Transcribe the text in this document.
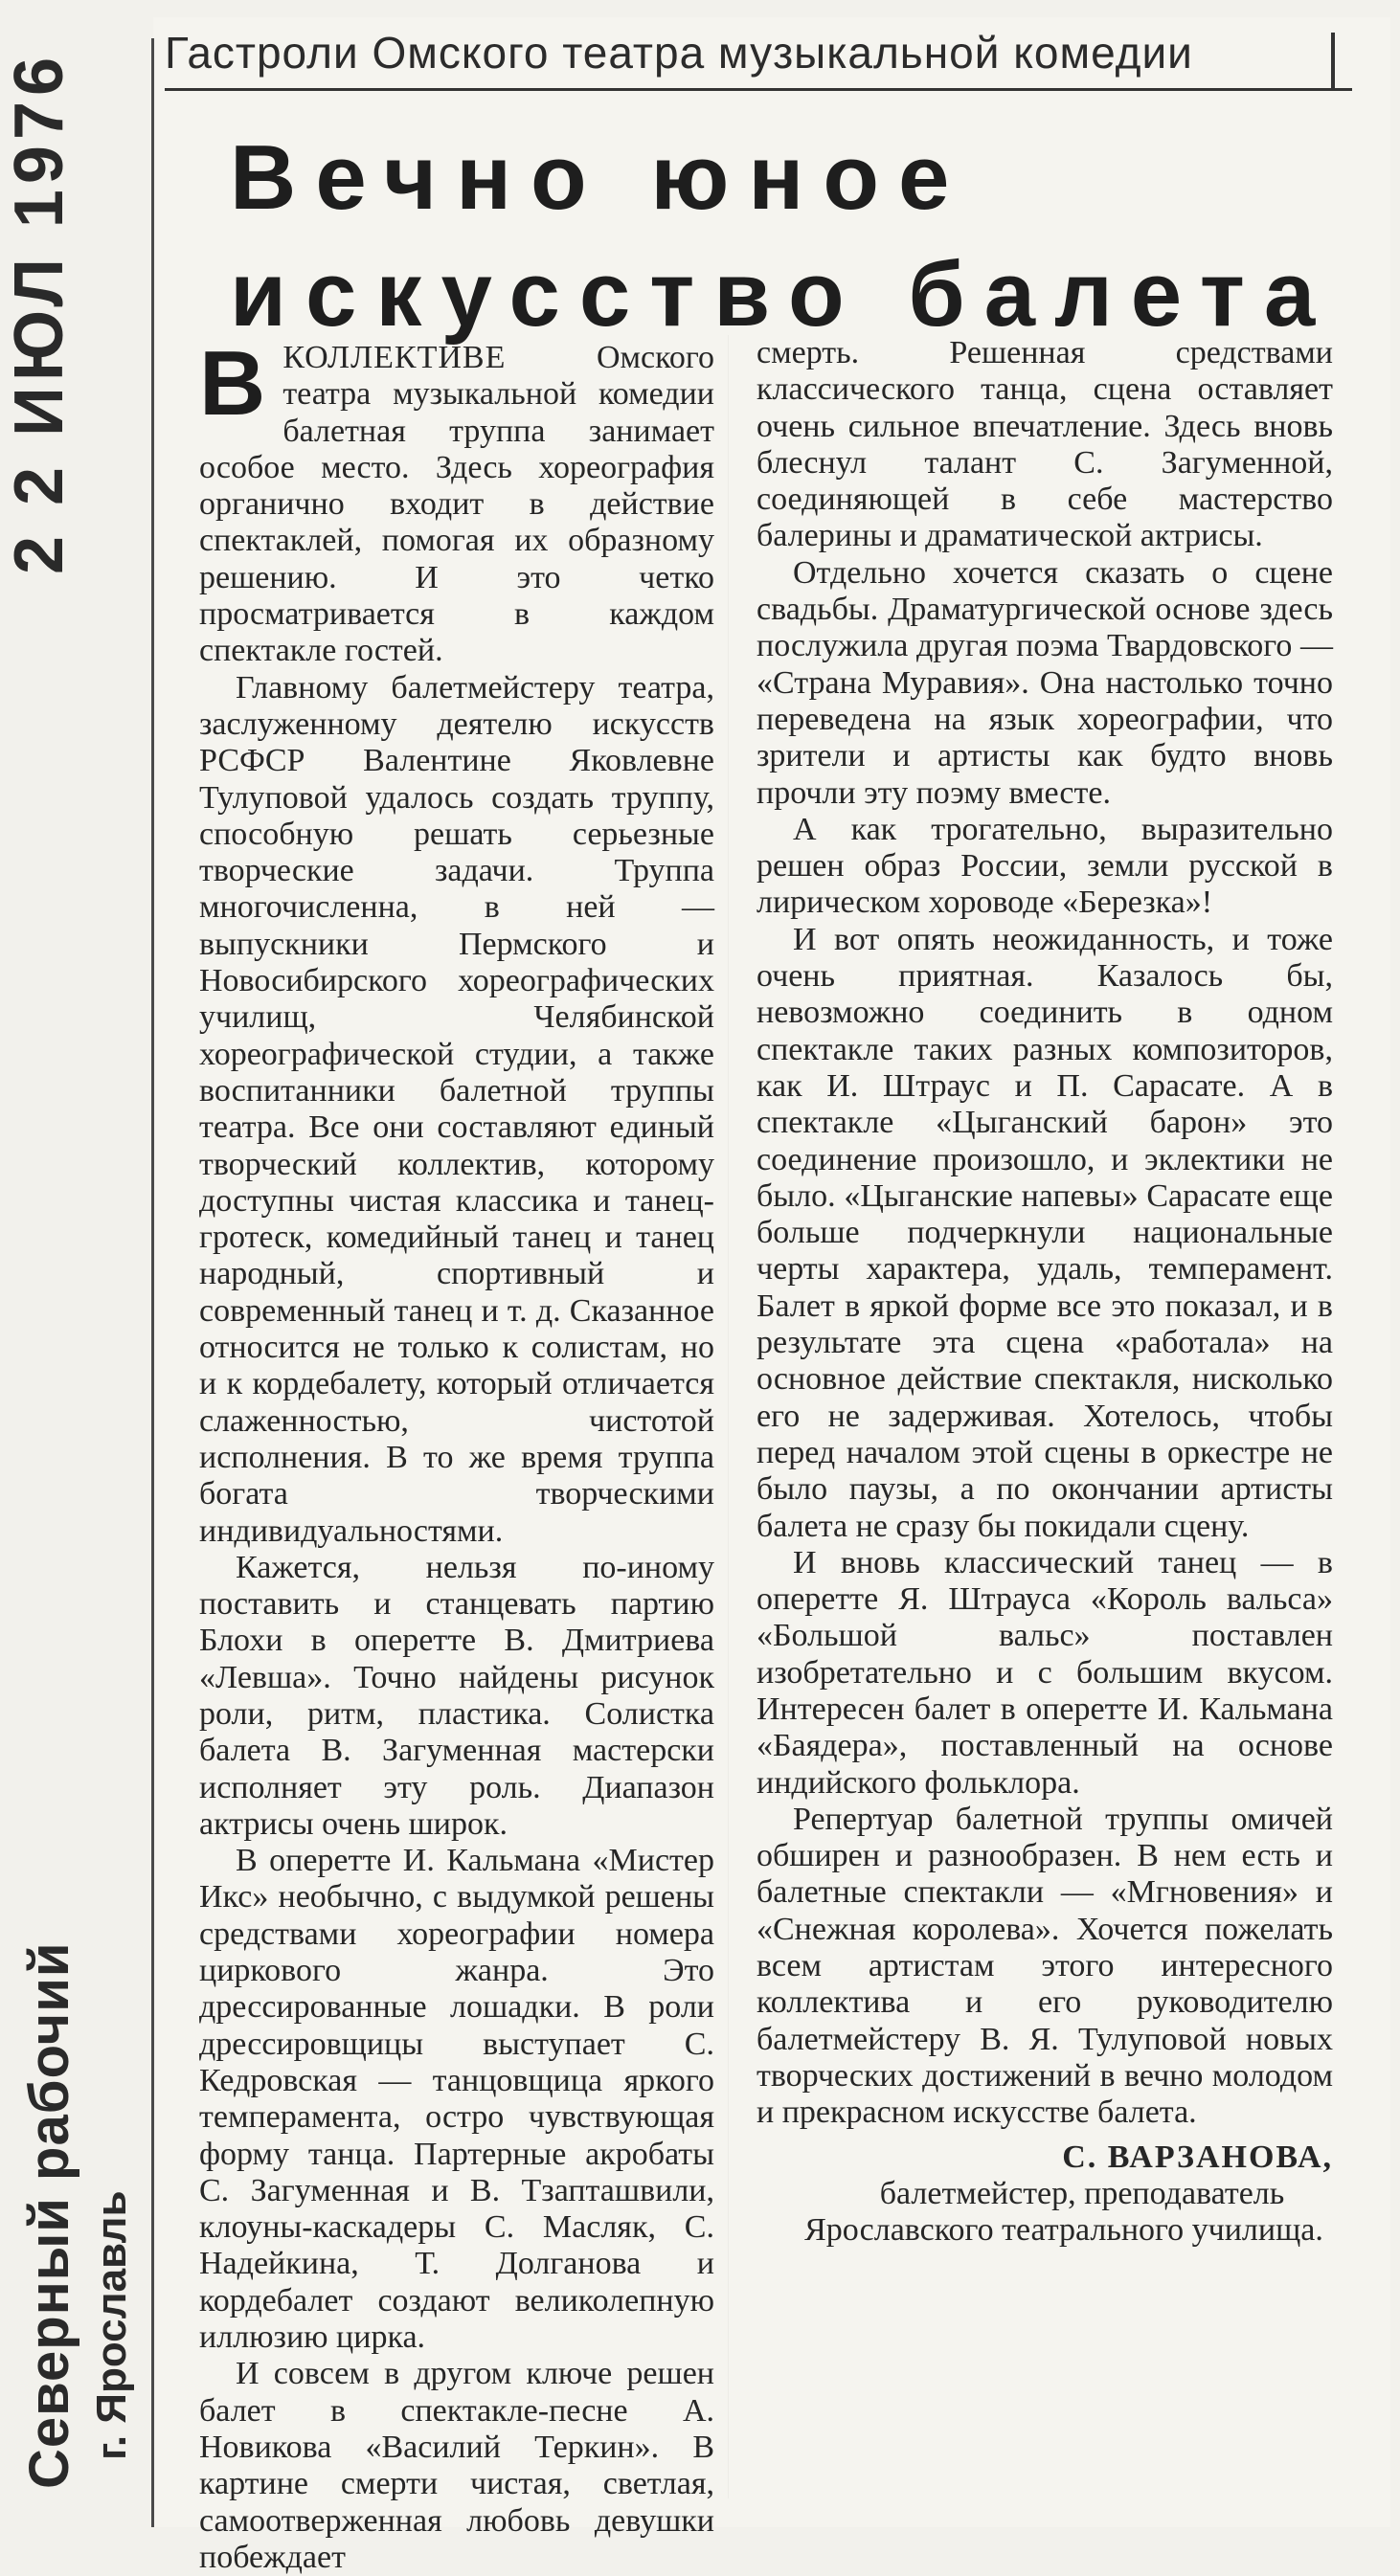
Гастроли Омского театра музыкальной комедии
Вечно юное
искусство балета

ВКОЛЛЕКТИВЕ Омского театра музыкальной комедии балетная труппа занимает особое место. Здесь хореография органично входит в действие спектаклей, помогая их образному решению. И это четко просматривается в каждом спектакле гостей.

Главному балетмейстеру театра, заслуженному деятелю искусств РСФСР Валентине Яковлевне Тулуповой удалось создать труппу, способную решать серьезные творческие задачи. Труппа многочисленна, в ней — выпускники Пермского и Новосибирского хореографических училищ, Челябинской хореографической студии, а также воспитанники балетной труппы театра. Все они составляют единый творческий коллектив, которому доступны чистая классика и танец-гротеск, комедийный танец и танец народный, спортивный и современный танец и т. д. Сказанное относится не только к солистам, но и к кордебалету, который отличается слаженностью, чистотой исполнения. В то же время труппа богата творческими индивидуальностями.

Кажется, нельзя по-иному поставить и станцевать партию Блохи в оперетте В. Дмитриева «Левша». Точно найдены рисунок роли, ритм, пластика. Солистка балета В. Загуменная мастерски исполняет эту роль. Диапазон актрисы очень широк.

В оперетте И. Кальмана «Мистер Икс» необычно, с выдумкой решены средствами хореографии номера циркового жанра. Это дрессированные лошадки. В роли дрессировщицы выступает С. Кедровская — танцовщица яркого темперамента, остро чувствующая форму танца. Партерные акробаты С. Загуменная и В. Тзапташвили, клоуны-каскадеры С. Масляк, С. Надейкина, Т. Долганова и кордебалет создают великолепную иллюзию цирка.

И совсем в другом ключе решен балет в спектакле-песне А. Новикова «Василий Теркин». В картине смерти чистая, светлая, самоотверженная любовь девушки побеждает

смерть. Решенная средствами классического танца, сцена оставляет очень сильное впечатление. Здесь вновь блеснул талант С. Загуменной, соединяющей в себе мастерство балерины и драматической актрисы.

Отдельно хочется сказать о сцене свадьбы. Драматургической основе здесь послужила другая поэма Твардовского — «Страна Муравия». Она настолько точно переведена на язык хореографии, что зрители и артисты как будто вновь прочли эту поэму вместе.

А как трогательно, выразительно решен образ России, земли русской в лирическом хороводе «Березка»!

И вот опять неожиданность, и тоже очень приятная. Казалось бы, невозможно соединить в одном спектакле таких разных композиторов, как И. Штраус и П. Сарасате. А в спектакле «Цыганский барон» это соединение произошло, и эклектики не было. «Цыганские напевы» Сарасате еще больше подчеркнули национальные черты характера, удаль, темперамент. Балет в яркой форме все это показал, и в результате эта сцена «работала» на основное действие спектакля, нисколько его не задерживая. Хотелось, чтобы перед началом этой сцены в оркестре не было паузы, а по окончании артисты балета не сразу бы покидали сцену.

И вновь классический танец — в оперетте Я. Штрауса «Король вальса» «Большой вальс» поставлен изобретательно и с большим вкусом. Интересен балет в оперетте И. Кальмана «Баядера», поставленный на основе индийского фольклора.

Репертуар балетной труппы омичей обширен и разнообразен. В нем есть и балетные спектакли — «Мгновения» и «Снежная королева». Хочется пожелать всем артистам этого интересного коллектива и его руководителю балетмейстеру В. Я. Тулуповой новых творческих достижений в вечно молодом и прекрасном искусстве балета.

С. ВАРЗАНОВА,

балетмейстер, преподаватель Ярославского театрального училища.

2 2 ИЮЛ 1976
Северный рабочий г. Ярославль
